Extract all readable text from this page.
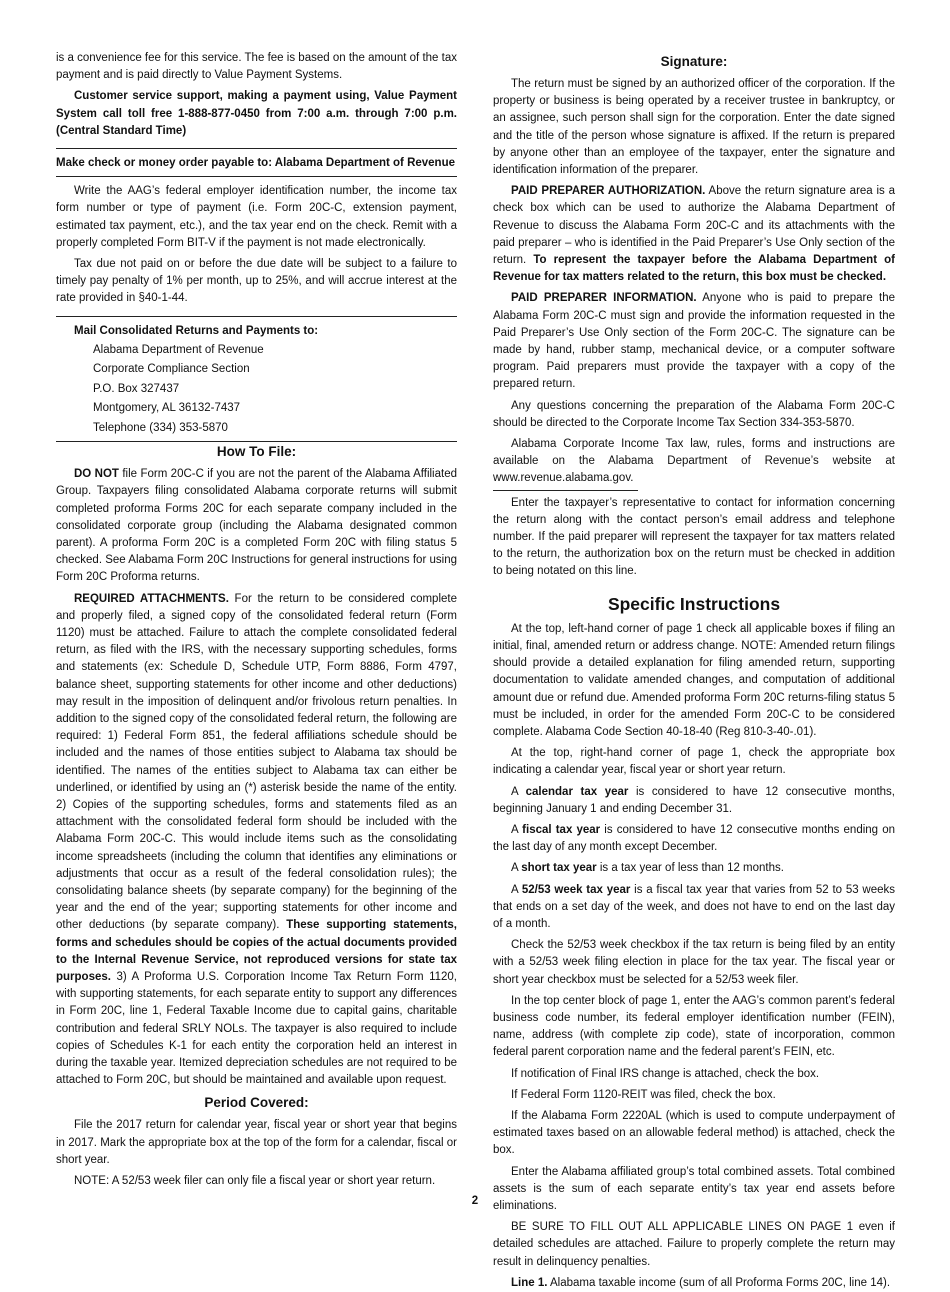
is a convenience fee for this service. The fee is based on the amount of the tax payment and is paid directly to Value Payment Systems.

Customer service support, making a payment using, Value Payment System call toll free 1-888-877-0450 from 7:00 a.m. through 7:00 p.m. (Central Standard Time)

Make check or money order payable to: Alabama Department of Revenue

Write the AAG’s federal employer identification number, the income tax form number or type of payment (i.e. Form 20C-C, extension payment, estimated tax payment, etc.), and the tax year end on the check. Remit with a properly completed Form BIT-V if the payment is not made electronically.

Tax due not paid on or before the due date will be subject to a failure to timely pay penalty of 1% per month, up to 25%, and will accrue interest at the rate provided in §40-1-44.

Mail Consolidated Returns and Payments to:
Alabama Department of Revenue
Corporate Compliance Section
P.O. Box 327437
Montgomery, AL 36132-7437
Telephone (334) 353-5870
How To File:

DO NOT file Form 20C-C if you are not the parent of the Alabama Affiliated Group. Taxpayers filing consolidated Alabama corporate returns will submit completed proforma Forms 20C for each separate company included in the consolidated corporate group (including the Alabama designated common parent). A proforma Form 20C is a completed Form 20C with filing status 5 checked. See Alabama Form 20C Instructions for general instructions for using Form 20C Proforma returns.

REQUIRED ATTACHMENTS. For the return to be considered complete and properly filed, a signed copy of the consolidated federal return (Form 1120) must be attached. Failure to attach the complete consolidated federal return, as filed with the IRS, with the necessary supporting schedules, forms and statements (ex: Schedule D, Schedule UTP, Form 8886, Form 4797, balance sheet, supporting statements for other income and other deductions) may result in the imposition of delinquent and/or frivolous return penalties. In addition to the signed copy of the consolidated federal return, the following are required: 1) Federal Form 851, the federal affiliations schedule should be included and the names of those entities subject to Alabama tax should be identified. The names of the entities subject to Alabama tax can either be underlined, or identified by using an (*) asterisk beside the name of the entity. 2) Copies of the supporting schedules, forms and statements filed as an attachment with the consolidated federal form should be included with the Alabama Form 20C-C. This would include items such as the consolidating income spreadsheets (including the column that identifies any eliminations or adjustments that occur as a result of the federal consolidation rules); the consolidating balance sheets (by separate company) for the beginning of the year and the end of the year; supporting statements for other income and other deductions (by separate company). These supporting statements, forms and schedules should be copies of the actual documents provided to the Internal Revenue Service, not reproduced versions for state tax purposes. 3) A Proforma U.S. Corporation Income Tax Return Form 1120, with supporting statements, for each separate entity to support any differences in Form 20C, line 1, Federal Taxable Income due to capital gains, charitable contribution and federal SRLY NOLs. The taxpayer is also required to include copies of Schedules K-1 for each entity the corporation held an interest in during the taxable year. Itemized depreciation schedules are not required to be attached to Form 20C, but should be maintained and available upon request.

Period Covered:

File the 2017 return for calendar year, fiscal year or short year that begins in 2017. Mark the appropriate box at the top of the form for a calendar, fiscal or short year.

NOTE: A 52/53 week filer can only file a fiscal year or short year return.

Signature:

The return must be signed by an authorized officer of the corporation. If the property or business is being operated by a receiver trustee in bankruptcy, or an assignee, such person shall sign for the corporation. Enter the date signed and the title of the person whose signature is affixed. If the return is prepared by anyone other than an employee of the taxpayer, enter the signature and identification information of the preparer.

PAID PREPARER AUTHORIZATION. Above the return signature area is a check box which can be used to authorize the Alabama Department of Revenue to discuss the Alabama Form 20C-C and its attachments with the paid preparer – who is identified in the Paid Preparer’s Use Only section of the return. To represent the taxpayer before the Alabama Department of Revenue for tax matters related to the return, this box must be checked.

PAID PREPARER INFORMATION. Anyone who is paid to prepare the Alabama Form 20C-C must sign and provide the information requested in the Paid Preparer’s Use Only section of the Form 20C-C. The signature can be made by hand, rubber stamp, mechanical device, or a computer software program. Paid preparers must provide the taxpayer with a copy of the prepared return.

Any questions concerning the preparation of the Alabama Form 20C-C should be directed to the Corporate Income Tax Section 334-353-5870.

Alabama Corporate Income Tax law, rules, forms and instructions are available on the Alabama Department of Revenue’s website at www.revenue.alabama.gov.

Enter the taxpayer’s representative to contact for information concerning the return along with the contact person’s email address and telephone number. If the paid preparer will represent the taxpayer for tax matters related to the return, the authorization box on the return must be checked in addition to being notated on this line.

Specific Instructions

At the top, left-hand corner of page 1 check all applicable boxes if filing an initial, final, amended return or address change. NOTE: Amended return filings should provide a detailed explanation for filing amended return, supporting documentation to validate amended changes, and computation of additional amount due or refund due. Amended proforma Form 20C returns-filing status 5 must be included, in order for the amended Form 20C-C to be considered complete. Alabama Code Section 40-18-40 (Reg 810-3-40-.01).

At the top, right-hand corner of page 1, check the appropriate box indicating a calendar year, fiscal year or short year return.

A calendar tax year is considered to have 12 consecutive months, beginning January 1 and ending December 31.

A fiscal tax year is considered to have 12 consecutive months ending on the last day of any month except December.

A short tax year is a tax year of less than 12 months.

A 52/53 week tax year is a fiscal tax year that varies from 52 to 53 weeks that ends on a set day of the week, and does not have to end on the last day of a month.

Check the 52/53 week checkbox if the tax return is being filed by an entity with a 52/53 week filing election in place for the tax year. The fiscal year or short year checkbox must be selected for a 52/53 week filer.

In the top center block of page 1, enter the AAG’s common parent’s federal business code number, its federal employer identification number (FEIN), name, address (with complete zip code), state of incorporation, common federal parent corporation name and the federal parent’s FEIN, etc.

If notification of Final IRS change is attached, check the box.

If Federal Form 1120-REIT was filed, check the box.

If the Alabama Form 2220AL (which is used to compute underpayment of estimated taxes based on an allowable federal method) is attached, check the box.

Enter the Alabama affiliated group’s total combined assets. Total combined assets is the sum of each separate entity’s tax year end assets before eliminations.

BE SURE TO FILL OUT ALL APPLICABLE LINES ON PAGE 1 even if detailed schedules are attached. Failure to properly complete the return may result in delinquency penalties.

Line 1. Alabama taxable income (sum of all Proforma Forms 20C, line 14).

2
